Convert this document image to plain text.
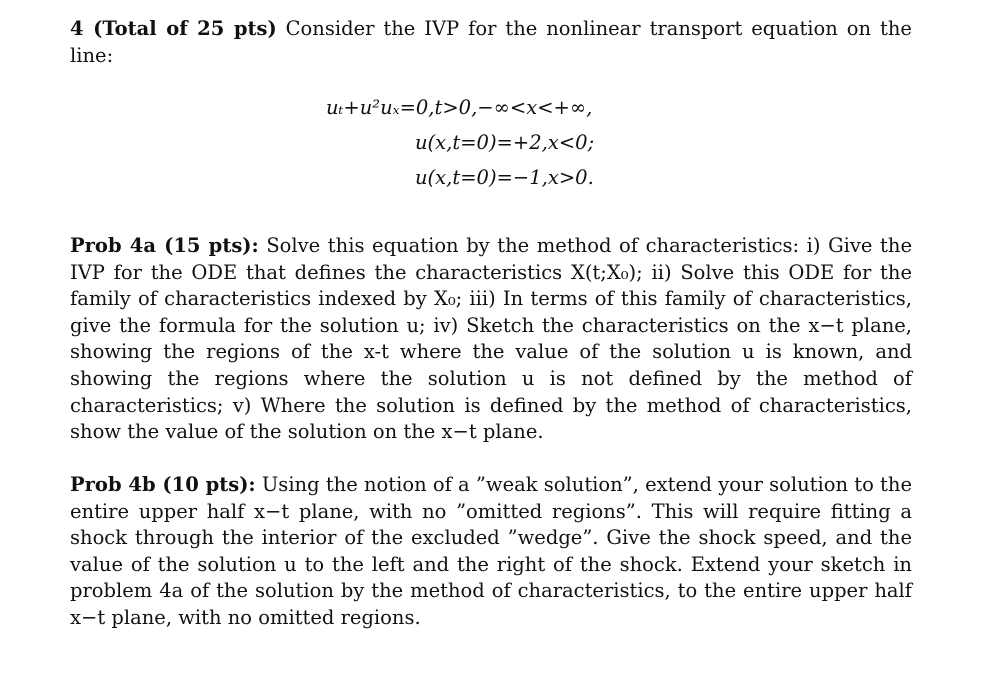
4 (Total of 25 pts) Consider the IVP for the nonlinear transport equation on the line:
uₜ+u²uₓ=0,t>0,−∞<x<+∞,
u(x,t=0)=+2,x<0;
u(x,t=0)=−1,x>0.
Prob 4a (15 pts): Solve this equation by the method of characteristics: i) Give the IVP for the ODE that defines the characteristics X(t;X₀); ii) Solve this ODE for the family of characteristics indexed by X₀; iii) In terms of this family of characteristics, give the formula for the solution u; iv) Sketch the characteristics on the x−t plane, showing the regions of the x-t where the value of the solution u is known, and showing the regions where the solution u is not defined by the method of characteristics; v) Where the solution is defined by the method of characteristics, show the value of the solution on the x−t plane.
Prob 4b (10 pts): Using the notion of a ”weak solution”, extend your solution to the entire upper half x−t plane, with no ”omitted regions”. This will require fitting a shock through the interior of the excluded ”wedge”. Give the shock speed, and the value of the solution u to the left and the right of the shock. Extend your sketch in problem 4a of the solution by the method of characteristics, to the entire upper half x−t plane, with no omitted regions.
